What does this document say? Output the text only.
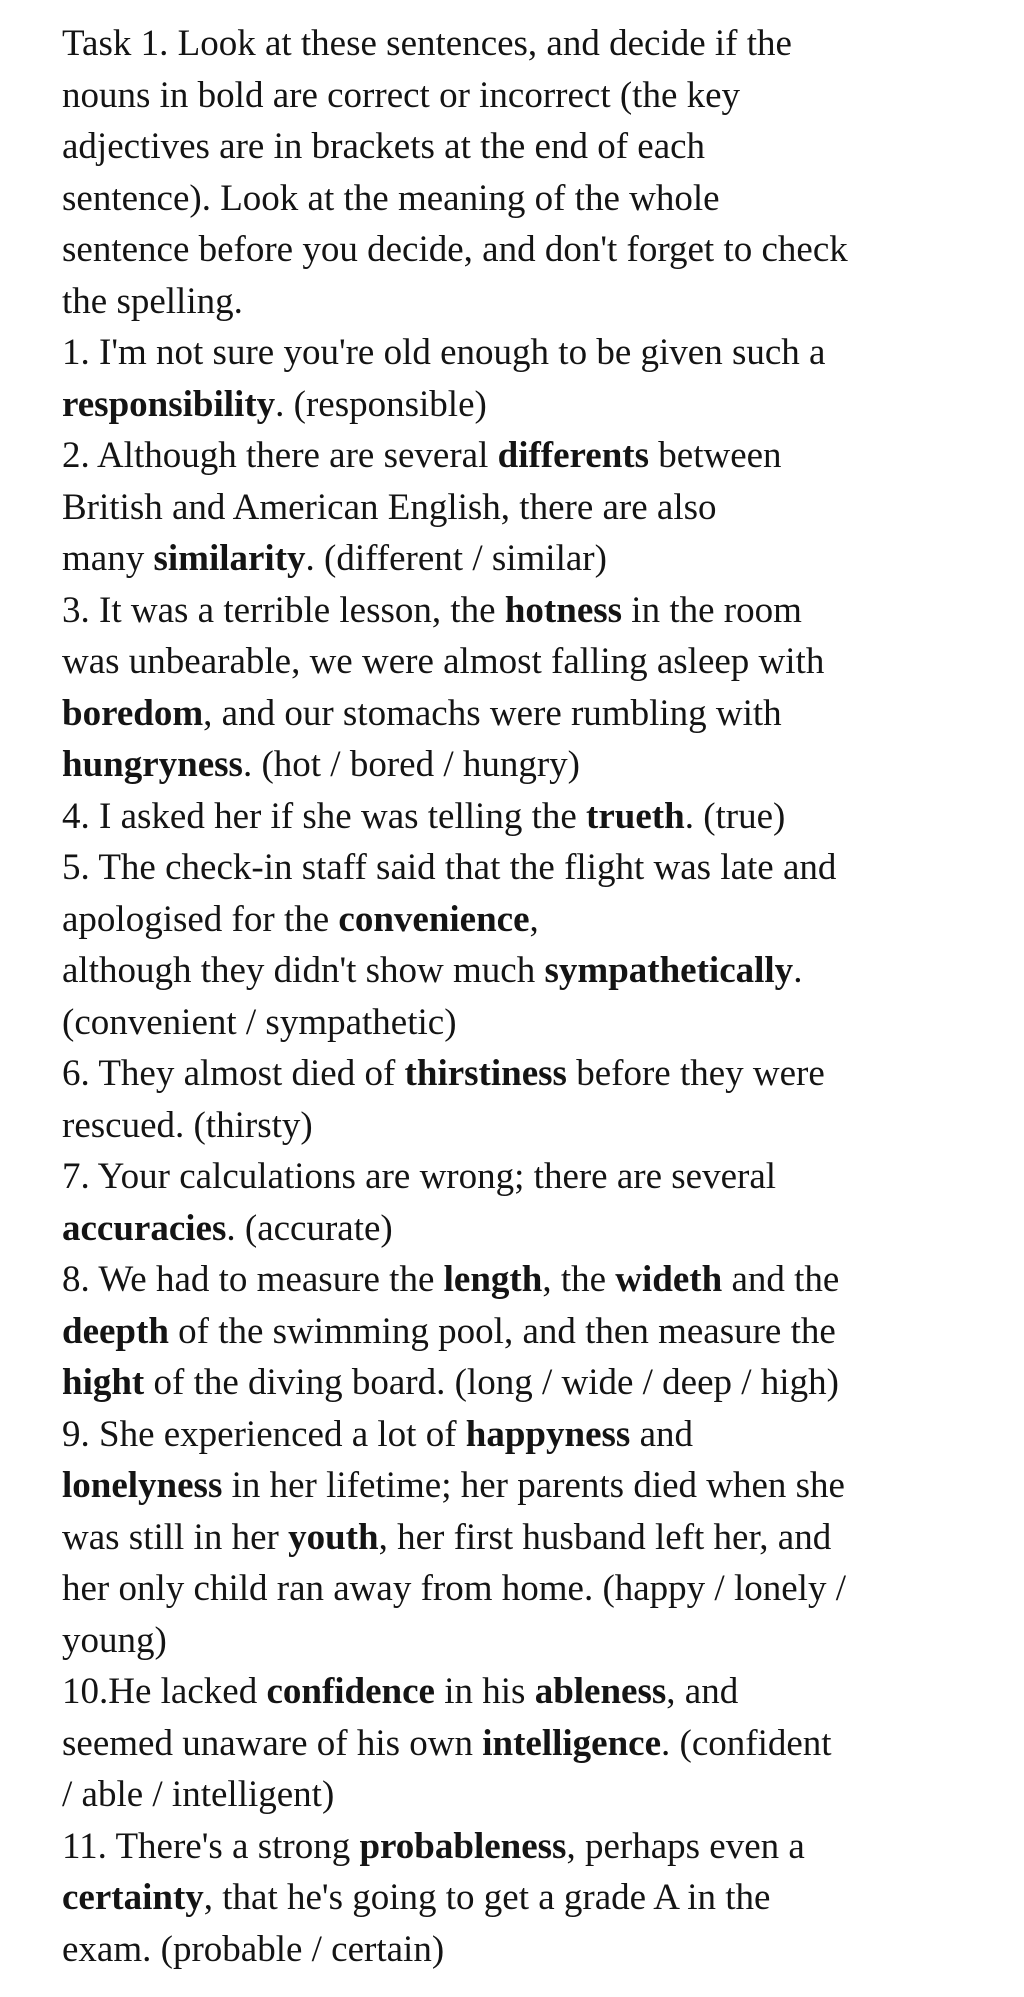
Task 1. Look at these sentences, and decide if the
nouns in bold are correct or incorrect (the key
adjectives are in brackets at the end of each
sentence). Look at the meaning of the whole
sentence before you decide, and don't forget to check
the spelling.
1. I'm not sure you're old enough to be given such a
responsibility. (responsible)
2. Although there are several differents between
British and American English, there are also
many similarity. (different / similar)
3. It was a terrible lesson, the hotness in the room
was unbearable, we were almost falling asleep with
boredom, and our stomachs were rumbling with
hungryness. (hot / bored / hungry)
4. I asked her if she was telling the trueth. (true)
5. The check-in staff said that the flight was late and
apologised for the convenience,
although they didn't show much sympathetically.
(convenient / sympathetic)
6. They almost died of thirstiness before they were
rescued. (thirsty)
7. Your calculations are wrong; there are several
accuracies. (accurate)
8. We had to measure the length, the wideth and the
deepth of the swimming pool, and then measure the
hight of the diving board. (long / wide / deep / high)
9. She experienced a lot of happyness and
lonelyness in her lifetime; her parents died when she
was still in her youth, her first husband left her, and
her only child ran away from home. (happy / lonely /
young)
10.He lacked confidence in his ableness, and
seemed unaware of his own intelligence. (confident
/ able / intelligent)
11. There's a strong probableness, perhaps even a
certainty, that he's going to get a grade A in the
exam. (probable / certain)
